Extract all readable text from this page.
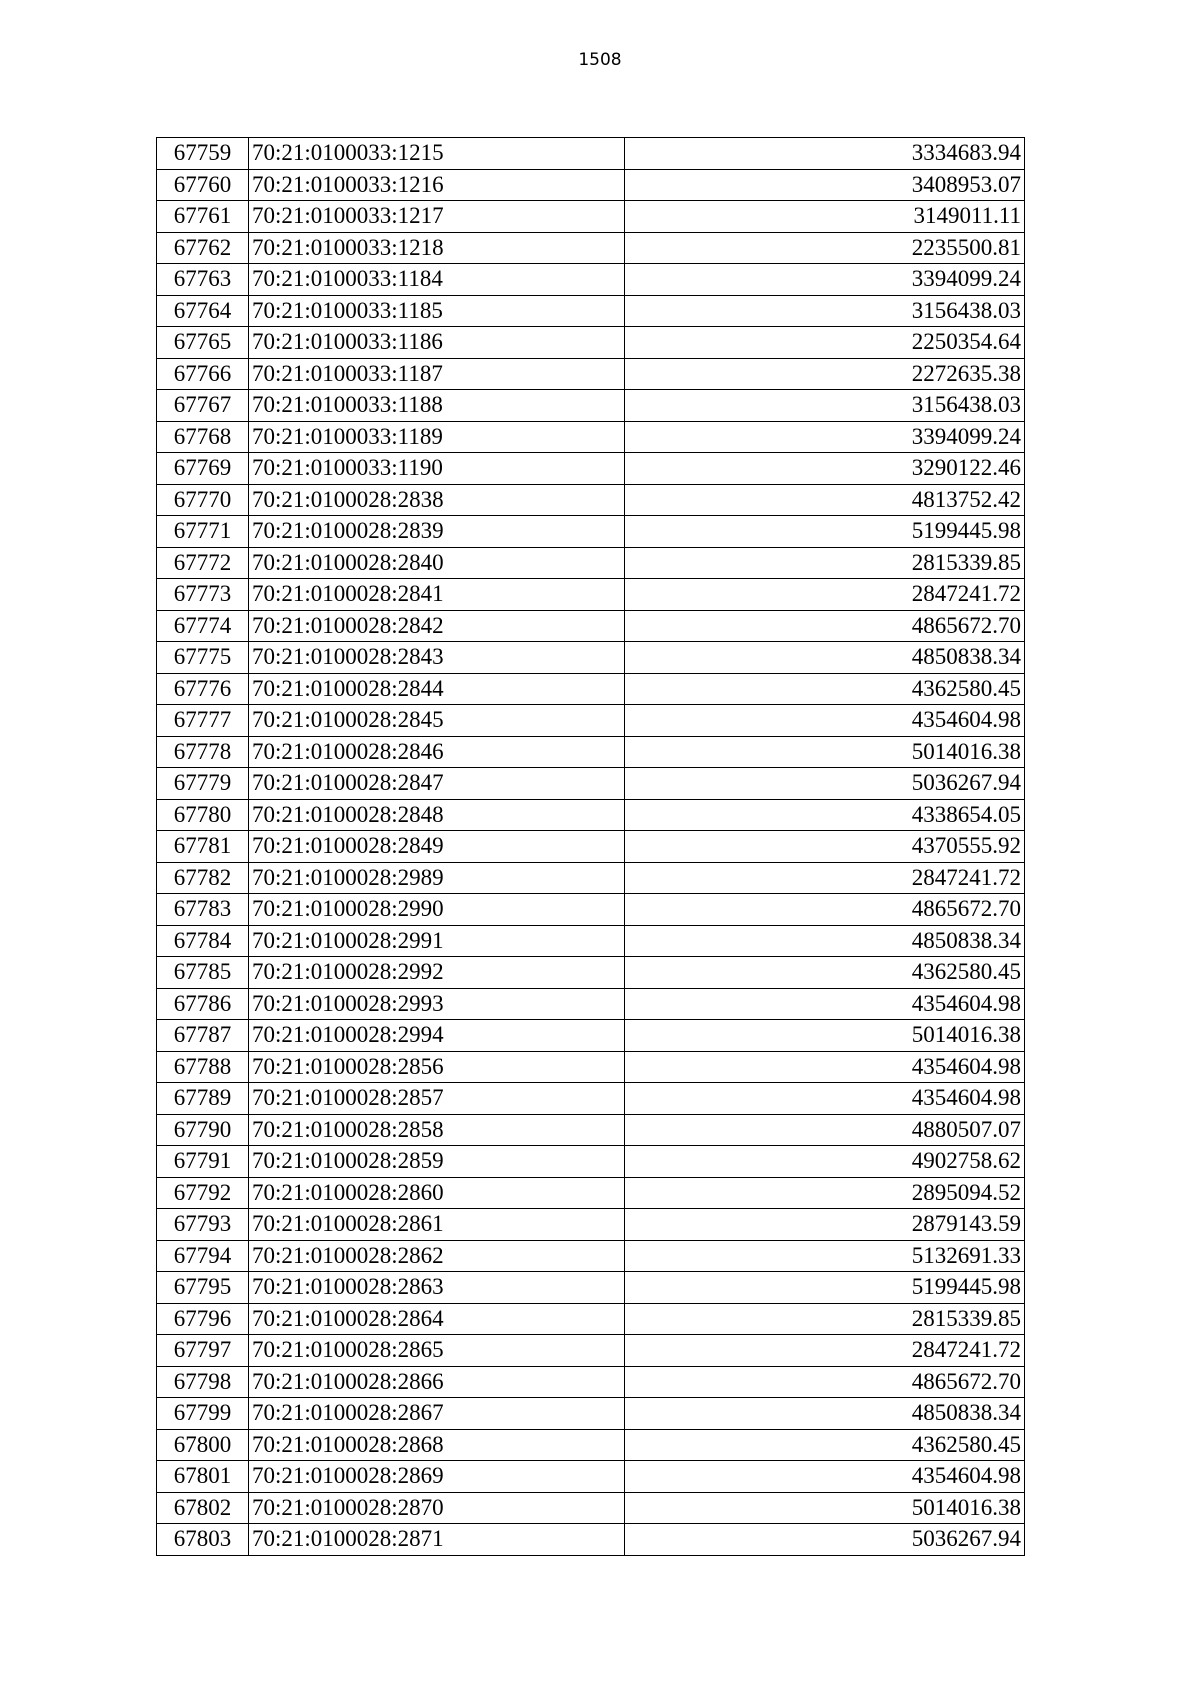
1508
67759	70:21:0100033:1215	3334683.94
67760	70:21:0100033:1216	3408953.07
67761	70:21:0100033:1217	3149011.11
67762	70:21:0100033:1218	2235500.81
67763	70:21:0100033:1184	3394099.24
67764	70:21:0100033:1185	3156438.03
67765	70:21:0100033:1186	2250354.64
67766	70:21:0100033:1187	2272635.38
67767	70:21:0100033:1188	3156438.03
67768	70:21:0100033:1189	3394099.24
67769	70:21:0100033:1190	3290122.46
67770	70:21:0100028:2838	4813752.42
67771	70:21:0100028:2839	5199445.98
67772	70:21:0100028:2840	2815339.85
67773	70:21:0100028:2841	2847241.72
67774	70:21:0100028:2842	4865672.70
67775	70:21:0100028:2843	4850838.34
67776	70:21:0100028:2844	4362580.45
67777	70:21:0100028:2845	4354604.98
67778	70:21:0100028:2846	5014016.38
67779	70:21:0100028:2847	5036267.94
67780	70:21:0100028:2848	4338654.05
67781	70:21:0100028:2849	4370555.92
67782	70:21:0100028:2989	2847241.72
67783	70:21:0100028:2990	4865672.70
67784	70:21:0100028:2991	4850838.34
67785	70:21:0100028:2992	4362580.45
67786	70:21:0100028:2993	4354604.98
67787	70:21:0100028:2994	5014016.38
67788	70:21:0100028:2856	4354604.98
67789	70:21:0100028:2857	4354604.98
67790	70:21:0100028:2858	4880507.07
67791	70:21:0100028:2859	4902758.62
67792	70:21:0100028:2860	2895094.52
67793	70:21:0100028:2861	2879143.59
67794	70:21:0100028:2862	5132691.33
67795	70:21:0100028:2863	5199445.98
67796	70:21:0100028:2864	2815339.85
67797	70:21:0100028:2865	2847241.72
67798	70:21:0100028:2866	4865672.70
67799	70:21:0100028:2867	4850838.34
67800	70:21:0100028:2868	4362580.45
67801	70:21:0100028:2869	4354604.98
67802	70:21:0100028:2870	5014016.38
67803	70:21:0100028:2871	5036267.94
